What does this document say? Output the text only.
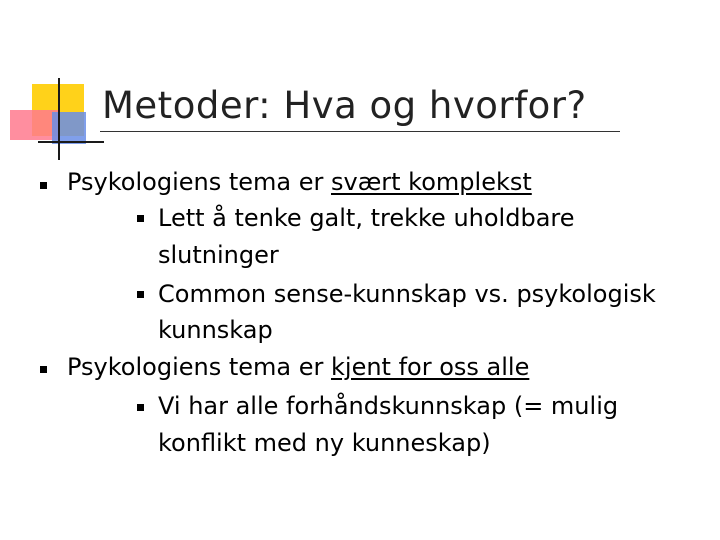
Metoder: Hva og hvorfor?
Psykologiens tema er svært komplekst
Lett å tenke galt, trekke uholdbare
slutninger
Common sense-kunnskap vs. psykologisk
kunnskap
Psykologiens tema er kjent for oss alle
Vi har alle forhåndskunnskap (= mulig
konflikt med ny kunneskap)
